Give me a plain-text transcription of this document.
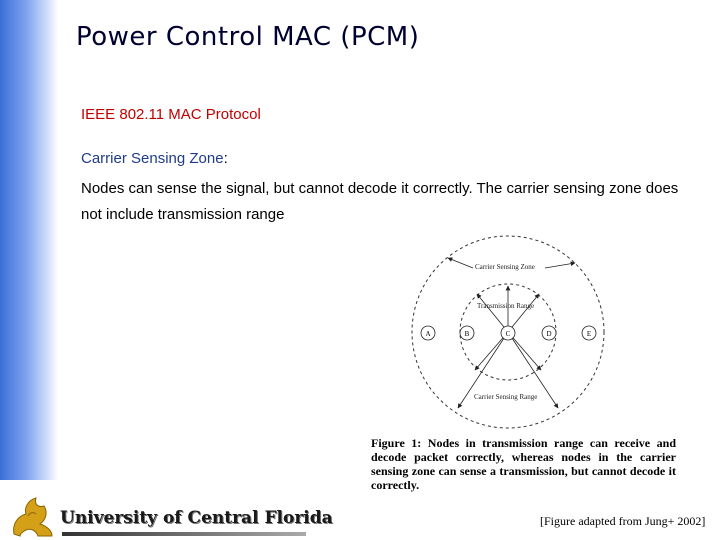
Power Control MAC (PCM)
IEEE 802.11 MAC Protocol
Carrier Sensing Zone:
Nodes can sense the signal, but cannot decode it correctly. The carrier sensing zone does not include transmission range
Carrier Sensing Zone
Transmission Range
Carrier Sensing Range
A	B	C	D	E
Figure 1: Nodes in transmission range can receive and decode packet correctly, whereas nodes in the carrier sensing zone can sense a transmission, but cannot decode it correctly.
[Figure adapted from Jung+ 2002]
University of Central Florida
